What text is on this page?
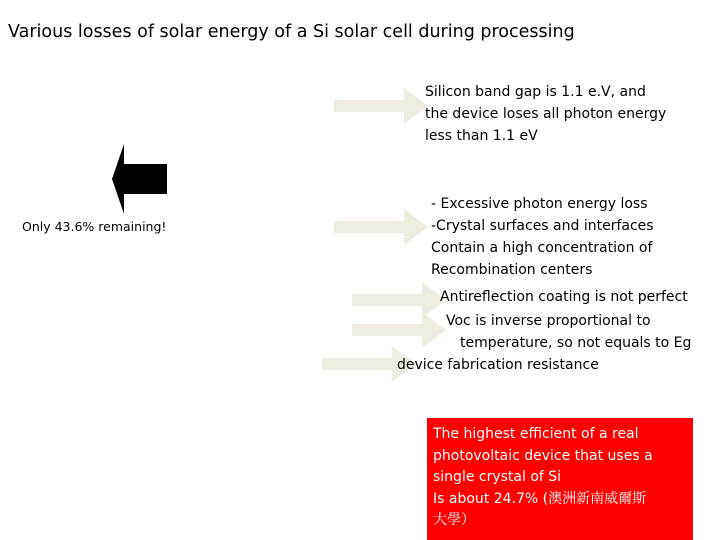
Various losses of solar energy of a Si solar cell during processing
Only 43.6% remaining!
Silicon band gap is 1.1 e.V, and
the device loses all photon energy
less than 1.1 eV
- Excessive photon energy loss
-Crystal surfaces and interfaces
Contain a high concentration of
Recombination centers
Antireflection coating is not perfect
Voc is inverse proportional to
temperature, so not equals to Eg
device fabrication resistance
The highest efficient of a real
photovoltaic device that uses a
single crystal of Si
Is about 24.7% (澳洲新南威爾斯
大學）
